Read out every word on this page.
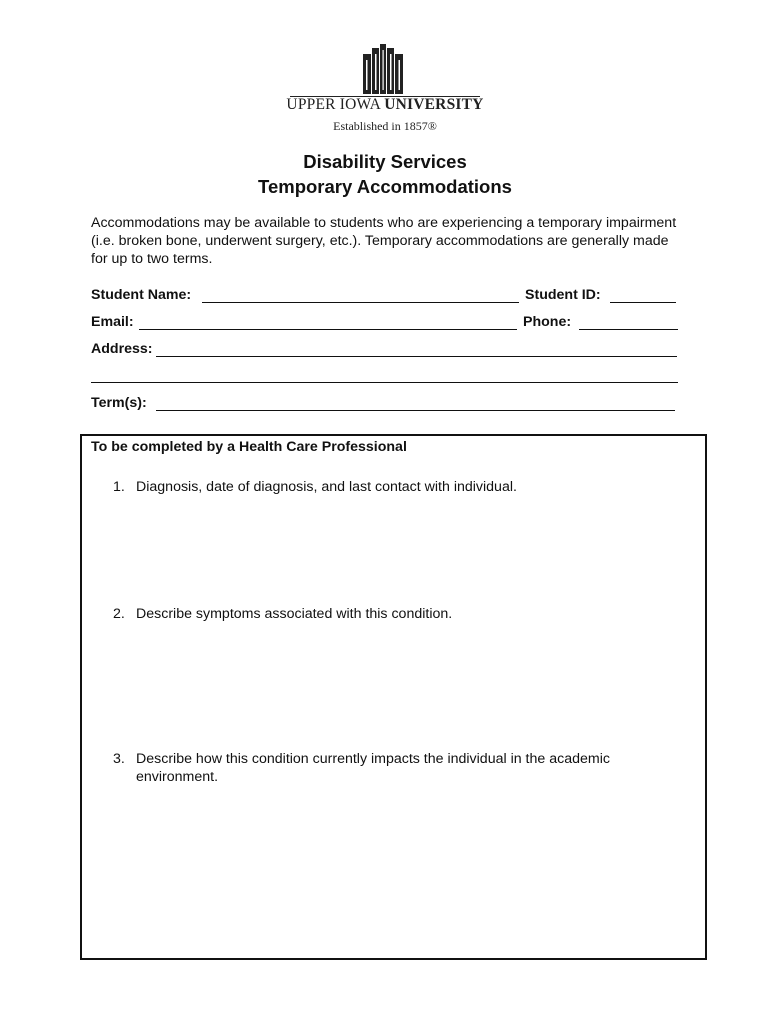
UPPER IOWA UNIVERSITY
Established in 1857®
Disability Services
Temporary Accommodations
Accommodations may be available to students who are experiencing a temporary impairment (i.e. broken bone, underwent surgery, etc.). Temporary accommodations are generally made for up to two terms.
Student Name:	Student ID:
Email:	Phone:
Address:
Term(s):
To be completed by a Health Care Professional
1. Diagnosis, date of diagnosis, and last contact with individual.
2. Describe symptoms associated with this condition.
3. Describe how this condition currently impacts the individual in the academic environment.
